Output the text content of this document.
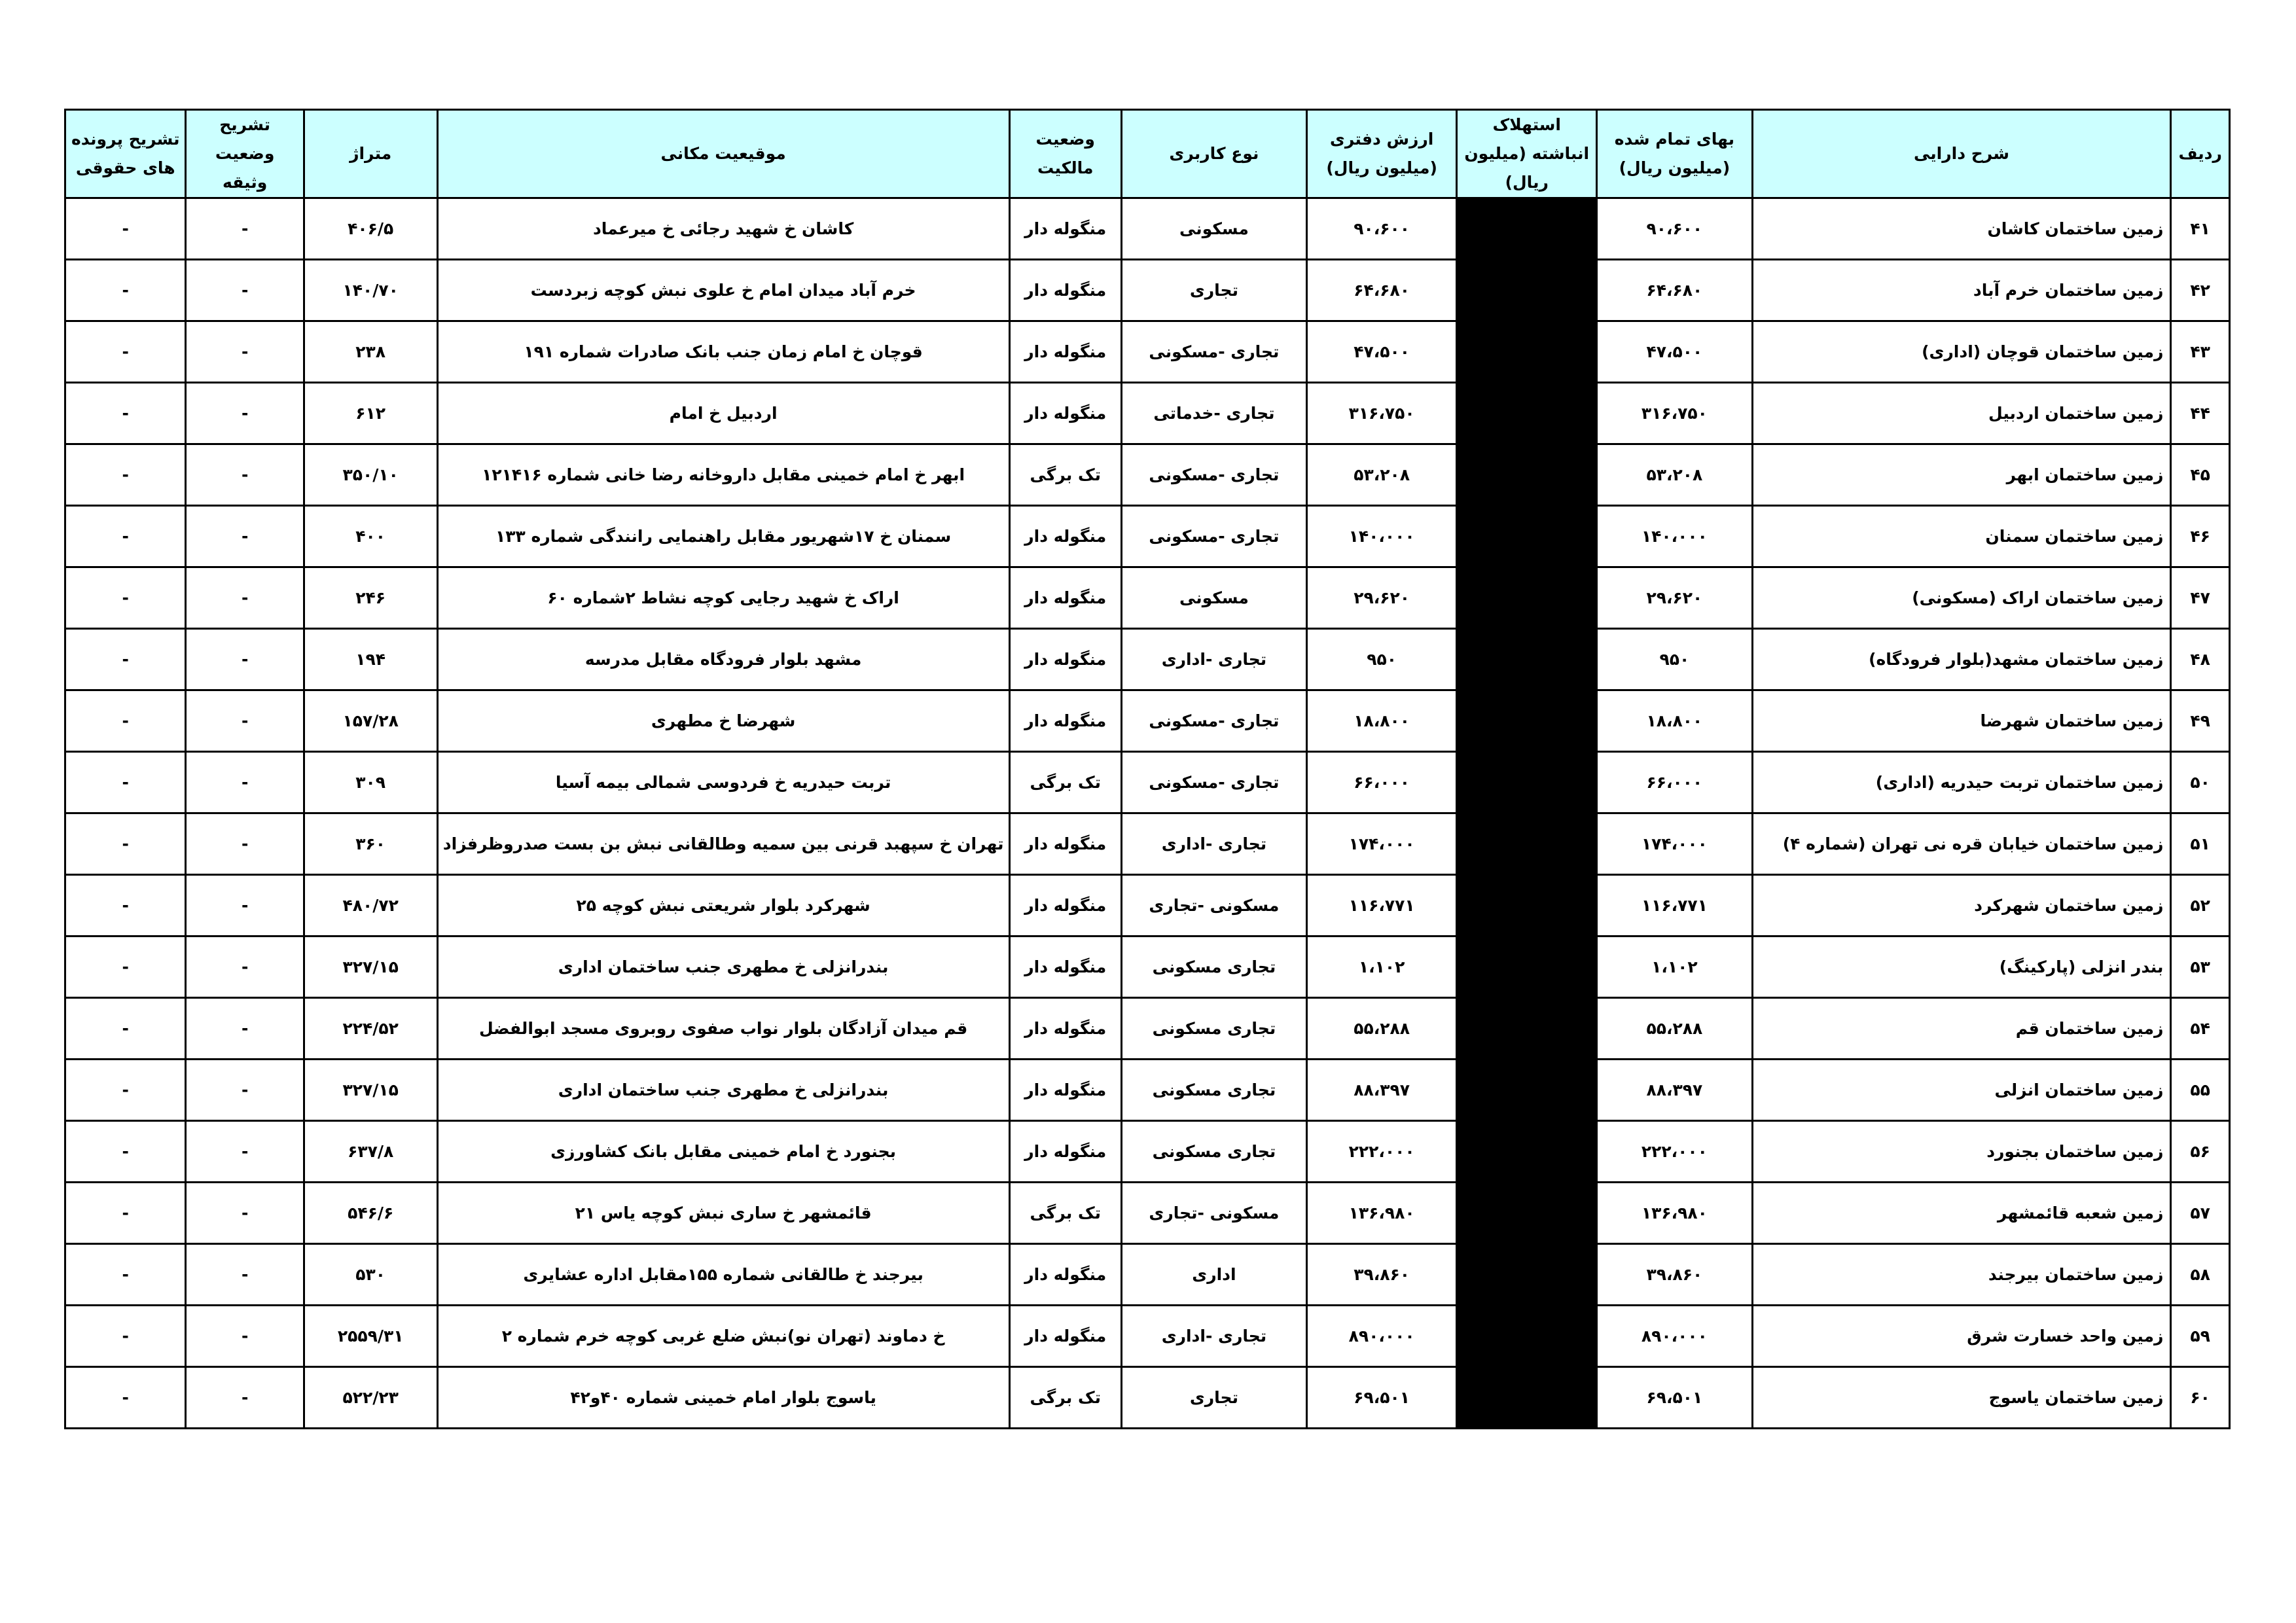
ردیف	شرح دارایی	بهای تمام شده (میلیون ریال)	استهلاک انباشته (میلیون ریال)	ارزش دفتری (میلیون ریال)	نوع کاربری	وضعیت مالکیت	موقیعیت مکانی	متراژ	تشریح وضعیت وثیقه	تشریح پرونده های حقوقی
۴۱	زمین ساختمان کاشان	۹۰،۶۰۰		۹۰،۶۰۰	مسکونی	منگوله دار	کاشان خ شهید رجائی خ میرعماد	۴۰۶/۵	-	-
۴۲	زمین ساختمان خرم آباد	۶۴،۶۸۰		۶۴،۶۸۰	تجاری	منگوله دار	خرم آباد میدان امام خ علوی نبش کوچه زبردست	۱۴۰/۷۰	-	-
۴۳	زمین ساختمان قوچان (اداری)	۴۷،۵۰۰		۴۷،۵۰۰	تجاری -مسکونی	منگوله دار	قوچان خ امام زمان جنب بانک صادرات شماره ۱۹۱	۲۳۸	-	-
۴۴	زمین ساختمان اردبیل	۳۱۶،۷۵۰		۳۱۶،۷۵۰	تجاری -خدماتی	منگوله دار	اردبیل خ امام	۶۱۲	-	-
۴۵	زمین ساختمان ابهر	۵۳،۲۰۸		۵۳،۲۰۸	تجاری -مسکونی	تک برگی	ابهر خ امام خمینی مقابل داروخانه رضا خانی شماره ۱۲۱۴۱۶	۳۵۰/۱۰	-	-
۴۶	زمین ساختمان سمنان	۱۴۰،۰۰۰		۱۴۰،۰۰۰	تجاری -مسکونی	منگوله دار	سمنان خ ۱۷شهریور مقابل راهنمایی رانندگی شماره ۱۳۳	۴۰۰	-	-
۴۷	زمین ساختمان اراک (مسکونی)	۲۹،۶۲۰		۲۹،۶۲۰	مسکونی	منگوله دار	اراک خ شهید رجایی کوچه نشاط ۲شماره ۶۰	۲۴۶	-	-
۴۸	زمین ساختمان مشهد(بلوار فرودگاه)	۹۵۰		۹۵۰	تجاری -اداری	منگوله دار	مشهد بلوار فرودگاه مقابل مدرسه	۱۹۴	-	-
۴۹	زمین ساختمان شهرضا	۱۸،۸۰۰		۱۸،۸۰۰	تجاری -مسکونی	منگوله دار	شهرضا خ مطهری	۱۵۷/۲۸	-	-
۵۰	زمین ساختمان تربت حیدریه (اداری)	۶۶،۰۰۰		۶۶،۰۰۰	تجاری -مسکونی	تک برگی	تربت حیدریه خ فردوسی شمالی بیمه آسیا	۳۰۹	-	-
۵۱	زمین ساختمان خیابان قره نی تهران (شماره ۴)	۱۷۴،۰۰۰		۱۷۴،۰۰۰	تجاری -اداری	منگوله دار	تهران خ سپهبد قرنی بین سمیه وطالقانی نبش بن بست صدروظرفزاد	۳۶۰	-	-
۵۲	زمین ساختمان شهرکرد	۱۱۶،۷۷۱		۱۱۶،۷۷۱	مسکونی -تجاری	منگوله دار	شهرکرد بلوار شریعتی نبش کوچه ۲۵	۴۸۰/۷۲	-	-
۵۳	بندر انزلی (پارکینگ)	۱،۱۰۲		۱،۱۰۲	تجاری مسکونی	منگوله دار	بندرانزلی خ مطهری جنب ساختمان اداری	۳۲۷/۱۵	-	-
۵۴	زمین ساختمان قم	۵۵،۲۸۸		۵۵،۲۸۸	تجاری مسکونی	منگوله دار	قم میدان آزادگان بلوار نواب صفوی روبروی مسجد ابوالفضل	۲۲۴/۵۲	-	-
۵۵	زمین ساختمان انزلی	۸۸،۳۹۷		۸۸،۳۹۷	تجاری مسکونی	منگوله دار	بندرانزلی خ مطهری جنب ساختمان اداری	۳۲۷/۱۵	-	-
۵۶	زمین ساختمان بجنورد	۲۲۲،۰۰۰		۲۲۲،۰۰۰	تجاری مسکونی	منگوله دار	بجنورد خ امام خمینی مقابل بانک کشاورزی	۶۳۷/۸	-	-
۵۷	زمین شعبه قائمشهر	۱۳۶،۹۸۰		۱۳۶،۹۸۰	مسکونی -تجاری	تک برگی	قائمشهر خ ساری نبش کوچه یاس ۲۱	۵۴۶/۶	-	-
۵۸	زمین ساختمان بیرجند	۳۹،۸۶۰		۳۹،۸۶۰	اداری	منگوله دار	بیرجند خ طالقانی شماره ۱۵۵مقابل اداره عشایری	۵۳۰	-	-
۵۹	زمین واحد خسارت شرق	۸۹۰،۰۰۰		۸۹۰،۰۰۰	تجاری -اداری	منگوله دار	خ دماوند (تهران نو)نبش ضلع غربی کوچه خرم شماره ۲	۲۵۵۹/۳۱	-	-
۶۰	زمین ساختمان یاسوج	۶۹،۵۰۱		۶۹،۵۰۱	تجاری	تک برگی	یاسوج بلوار امام خمینی شماره ۴۰و۴۲	۵۲۲/۲۳	-	-
